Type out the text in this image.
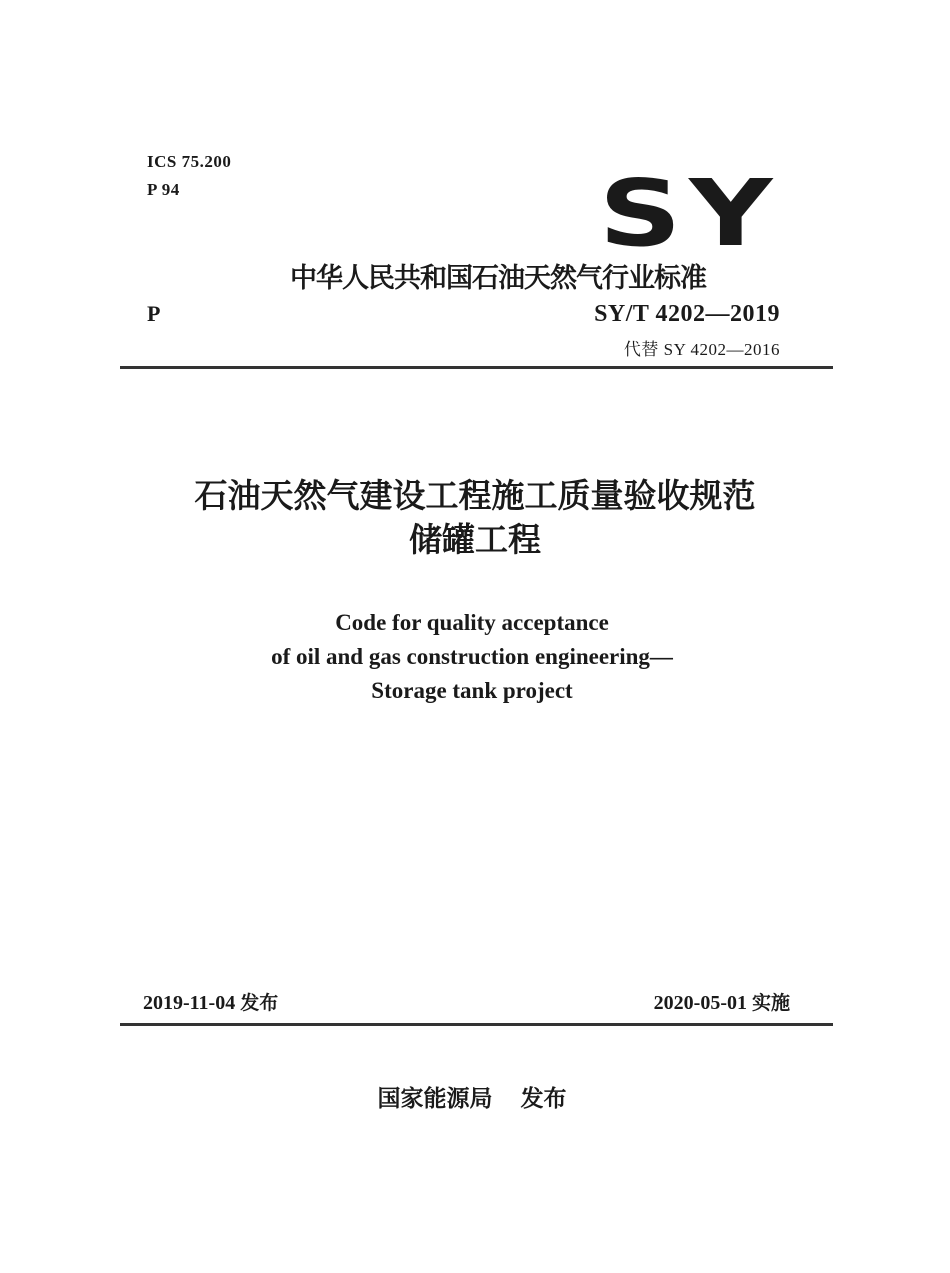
ICS 75.200
P 94	SY
中华人民共和国石油天然气行业标准
P	SY/T 4202—2019
代替 SY 4202—2016
石油天然气建设工程施工质量验收规范
储罐工程
Code for quality acceptance
of oil and gas construction engineering—
Storage tank project
2019-11-04 发布	2020-05-01 实施
国家能源局 发布
